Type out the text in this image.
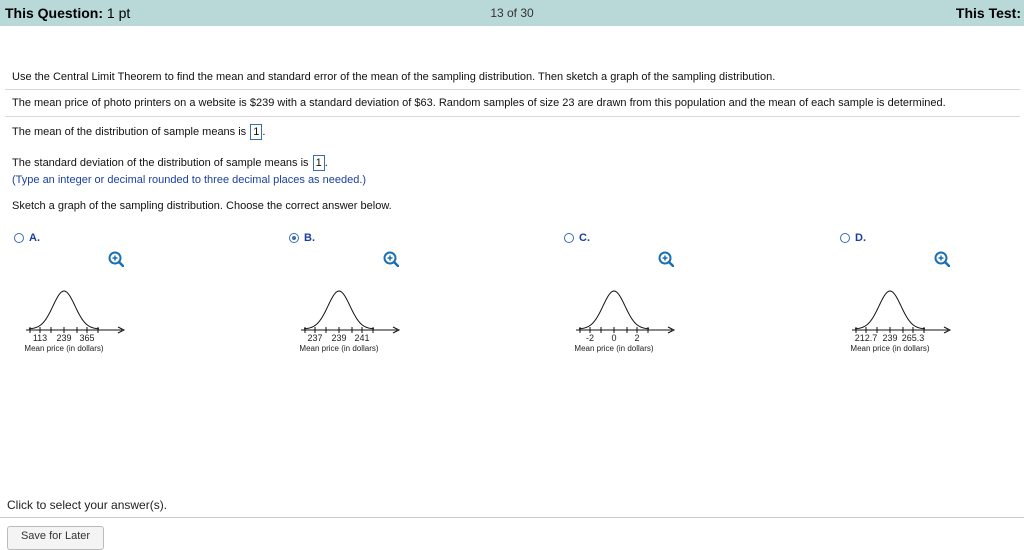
This Question: 1 pt	13 of 30	This Test:
Use the Central Limit Theorem to find the mean and standard error of the mean of the sampling distribution. Then sketch a graph of the sampling distribution.
The mean price of photo printers on a website is $239 with a standard deviation of $63. Random samples of size 23 are drawn from this population and the mean of each sample is determined.
The mean of the distribution of sample means is 1 .
The standard deviation of the distribution of sample means is 1 .
(Type an integer or decimal rounded to three decimal places as needed.)
Sketch a graph of the sampling distribution. Choose the correct answer below.
A.
113 239 365
Mean price (in dollars)
B.
237 239 241
Mean price (in dollars)
C.
-2 0 2
Mean price (in dollars)
D.
212.7 239 265.3
Mean price (in dollars)
Click to select your answer(s).
Save for Later
